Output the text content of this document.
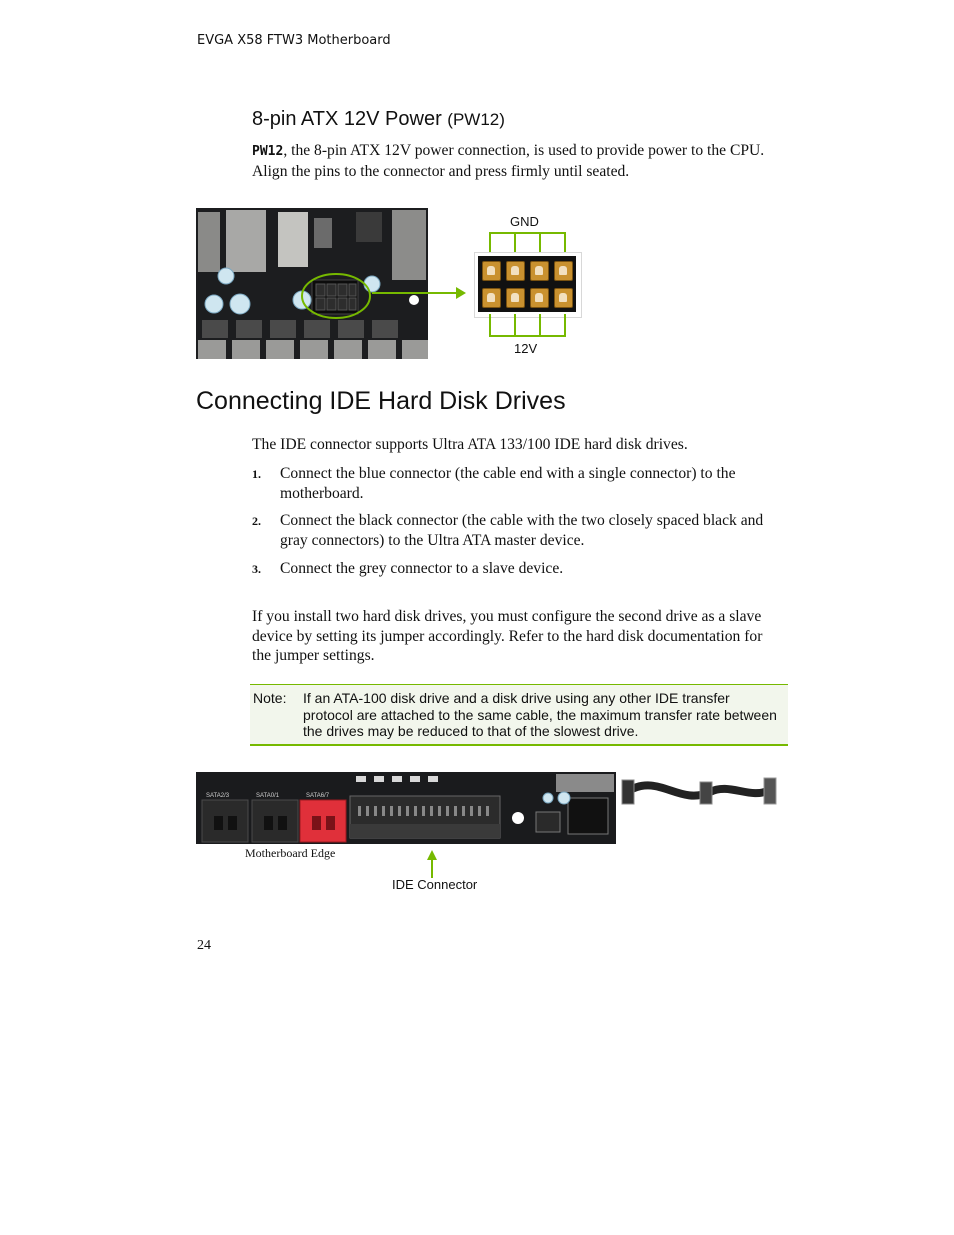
EVGA X58 FTW3 Motherboard
8-pin ATX 12V Power (PW12)
PW12, the 8-pin ATX 12V power connection, is used to provide power to the CPU. Align the pins to the connector and press firmly until seated.
GND
12V
Connecting IDE Hard Disk Drives
The IDE connector supports Ultra ATA 133/100 IDE hard disk drives.
1. Connect the blue connector (the cable end with a single connector) to the motherboard.
2. Connect the black connector (the cable with the two closely spaced black and gray connectors) to the Ultra ATA master device.
3. Connect the grey connector to a slave device.
If you install two hard disk drives, you must configure the second drive as a slave device by setting its jumper accordingly. Refer to the hard disk documentation for the jumper settings.
Note: If an ATA-100 disk drive and a disk drive using any other IDE transfer protocol are attached to the same cable, the maximum transfer rate between the drives may be reduced to that of the slowest drive.
SATA2/3	SATA0/1	SATA6/7
Motherboard Edge
IDE Connector
24
